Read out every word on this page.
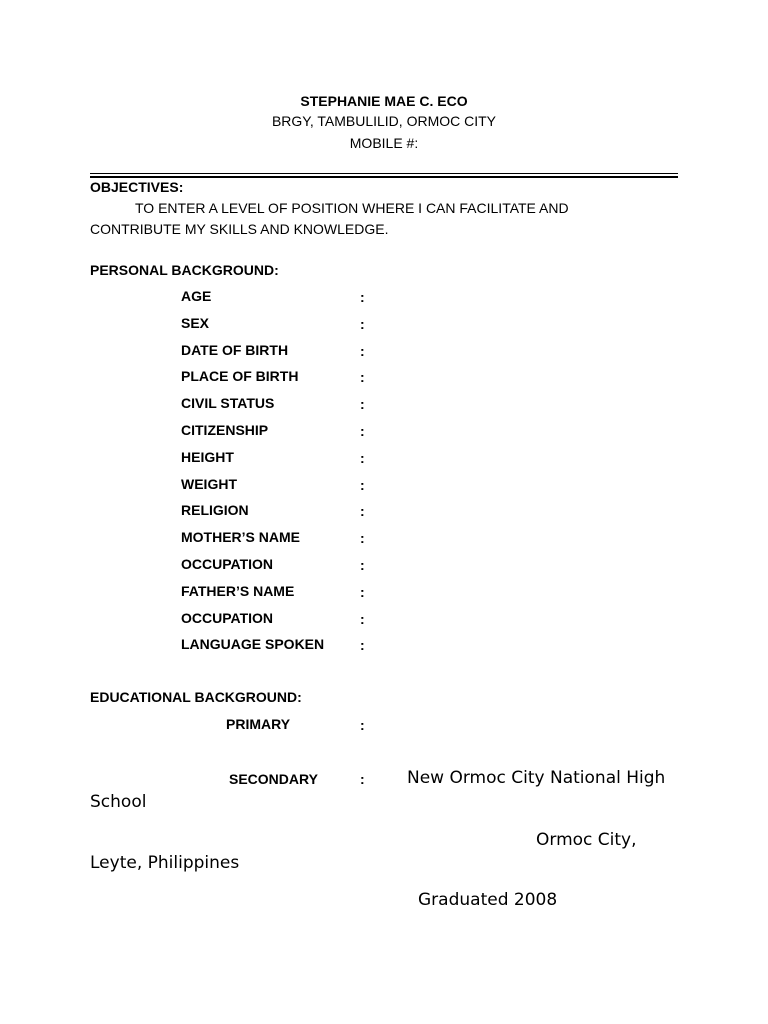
STEPHANIE MAE C. ECO
BRGY, TAMBULILID, ORMOC CITY
MOBILE #:
OBJECTIVES:
TO ENTER A LEVEL OF POSITION WHERE I CAN FACILITATE AND
CONTRIBUTE MY SKILLS AND KNOWLEDGE.
PERSONAL BACKGROUND:
AGE	:
SEX	:
DATE OF BIRTH	:
PLACE OF BIRTH	:
CIVIL STATUS	:
CITIZENSHIP	:
HEIGHT	:
WEIGHT	:
RELIGION	:
MOTHER’S NAME	:
OCCUPATION	:
FATHER’S NAME	:
OCCUPATION	:
LANGUAGE SPOKEN	:
EDUCATIONAL BACKGROUND:
PRIMARY	:
SECONDARY	: New Ormoc City National High
School
Ormoc City,
Leyte, Philippines
Graduated 2008
